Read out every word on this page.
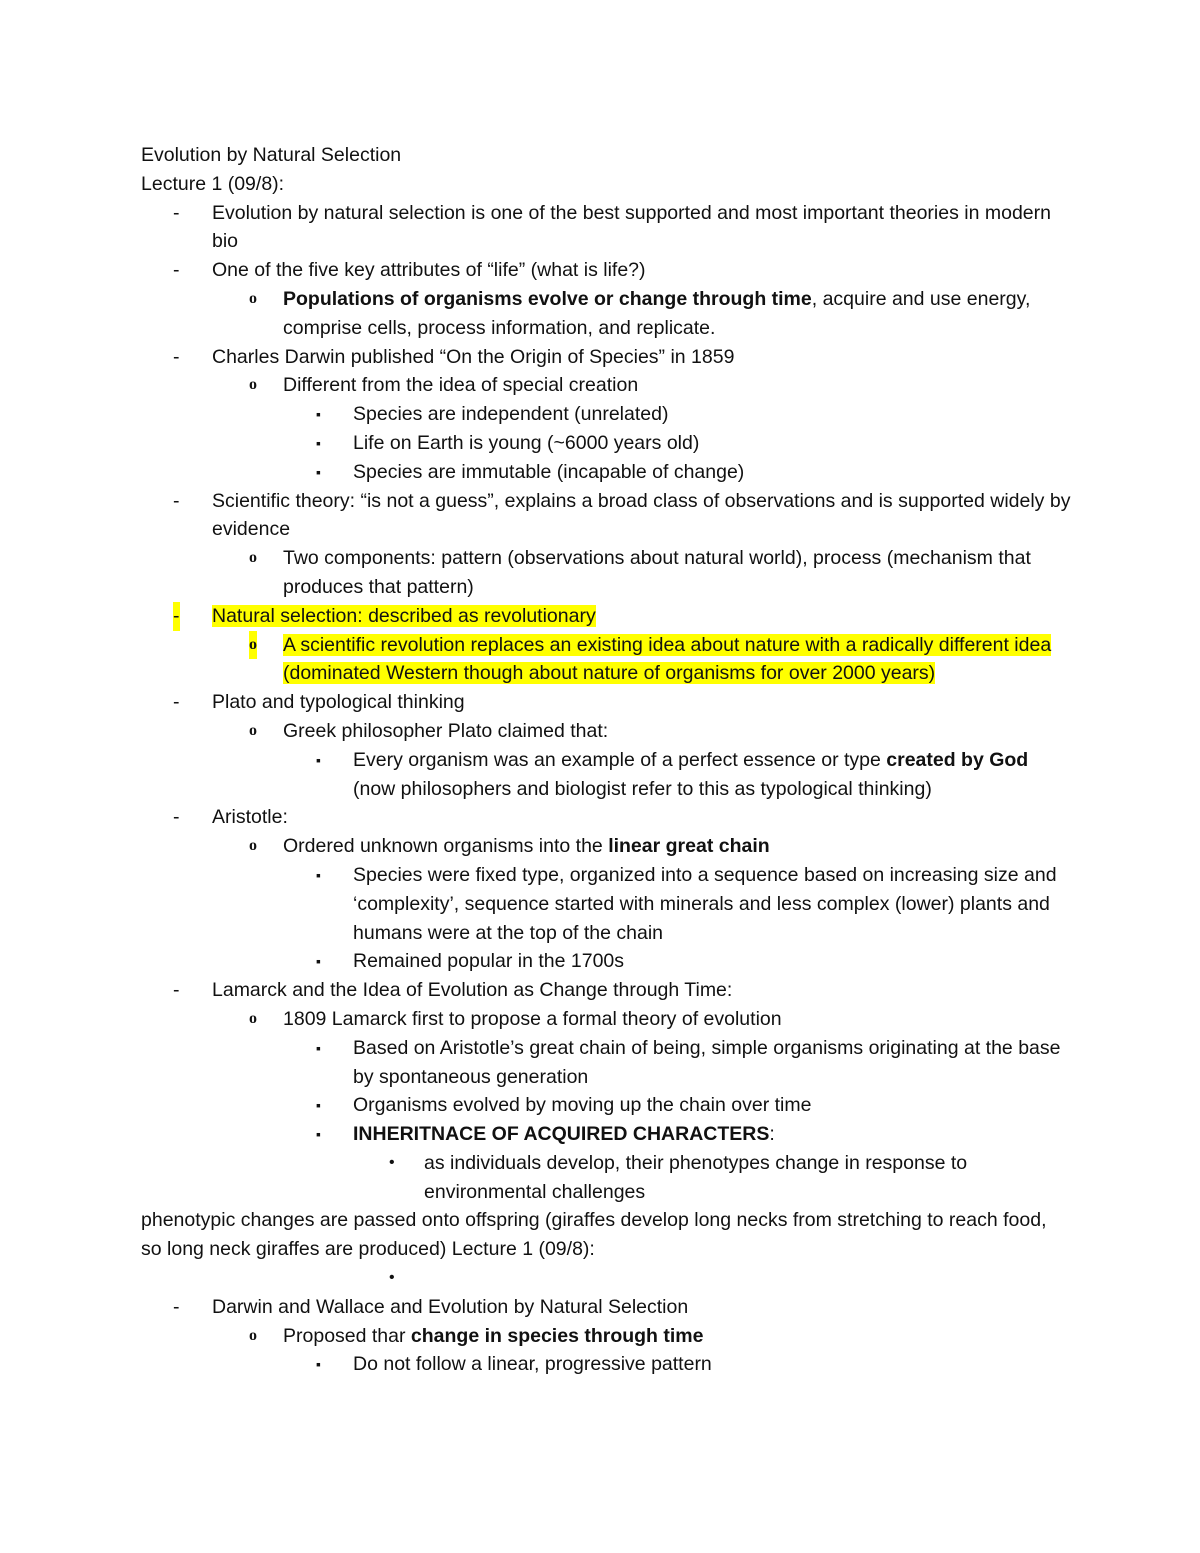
Evolution by Natural Selection

Lecture 1 (09/8):

- Evolution by natural selection is one of the best supported and most important theories in modern bio

- One of the five key attributes of “life” (what is life?)

o Populations of organisms evolve or change through time, acquire and use energy, comprise cells, process information, and replicate.

- Charles Darwin published “On the Origin of Species” in 1859

o Different from the idea of special creation

▪ Species are independent (unrelated)

▪ Life on Earth is young (~6000 years old)

▪ Species are immutable (incapable of change)

- Scientific theory: “is not a guess”, explains a broad class of observations and is supported widely by evidence

o Two components: pattern (observations about natural world), process (mechanism that produces that pattern)

- Natural selection: described as revolutionary

o A scientific revolution replaces an existing idea about nature with a radically different idea (dominated Western though about nature of organisms for over 2000 years)

- Plato and typological thinking

o Greek philosopher Plato claimed that:

▪ Every organism was an example of a perfect essence or type created by God (now philosophers and biologist refer to this as typological thinking)

- Aristotle:

o Ordered unknown organisms into the linear great chain

▪ Species were fixed type, organized into a sequence based on increasing size and ‘complexity’, sequence started with minerals and less complex (lower) plants and humans were at the top of the chain

▪ Remained popular in the 1700s

- Lamarck and the Idea of Evolution as Change through Time:

o 1809 Lamarck first to propose a formal theory of evolution

▪ Based on Aristotle’s great chain of being, simple organisms originating at the base by spontaneous generation

▪ Organisms evolved by moving up the chain over time

▪ INHERITNACE OF ACQUIRED CHARACTERS:

• as individuals develop, their phenotypes change in response to environmental challenges

phenotypic changes are passed onto offspring (giraffes develop long necks from stretching to reach food, so long neck giraffes are produced) Lecture 1 (09/8):

•

- Darwin and Wallace and Evolution by Natural Selection

o Proposed thar change in species through time

▪ Do not follow a linear, progressive pattern
